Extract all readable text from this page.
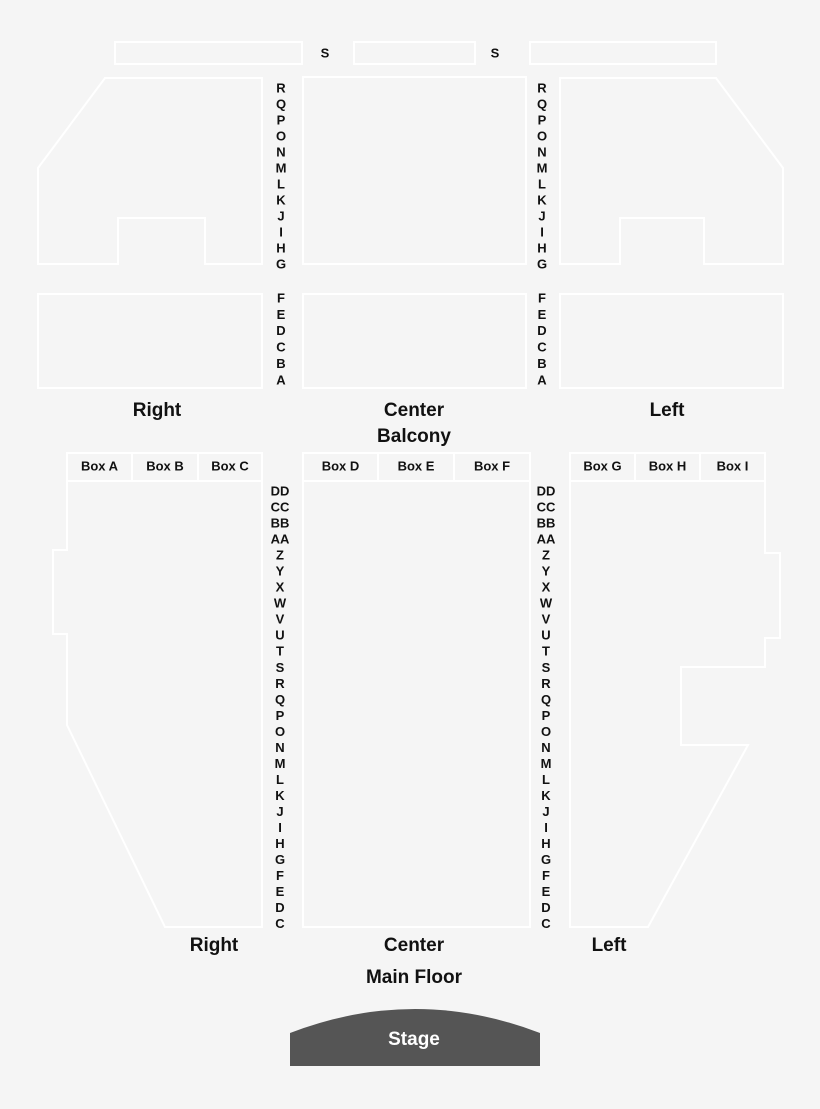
S	S
R	R
Q	Q
P	P
O	O
N	N
M	M
L	L
K	K
J	J
I	I
H	H
G	G
F	F
E	E
D	D
C	C
B	B
A	A
Right	Center	Left
Balcony
Box A Box B Box C	Box D	Box E	Box F	Box G Box H Box I
DD	DD
CC	CC
BB	BB
AA	AA
Z	Z
Y	Y
X	X
W	W
V	V
U	U
T	T
S	S
R	R
Q	Q
P	P
O	O
N	N
M	M
L	L
K	K
J	J
I	I
H	H
G	G
F	F
E	E
D	D
C	C
Right	Center	Left
Main Floor
Stage
